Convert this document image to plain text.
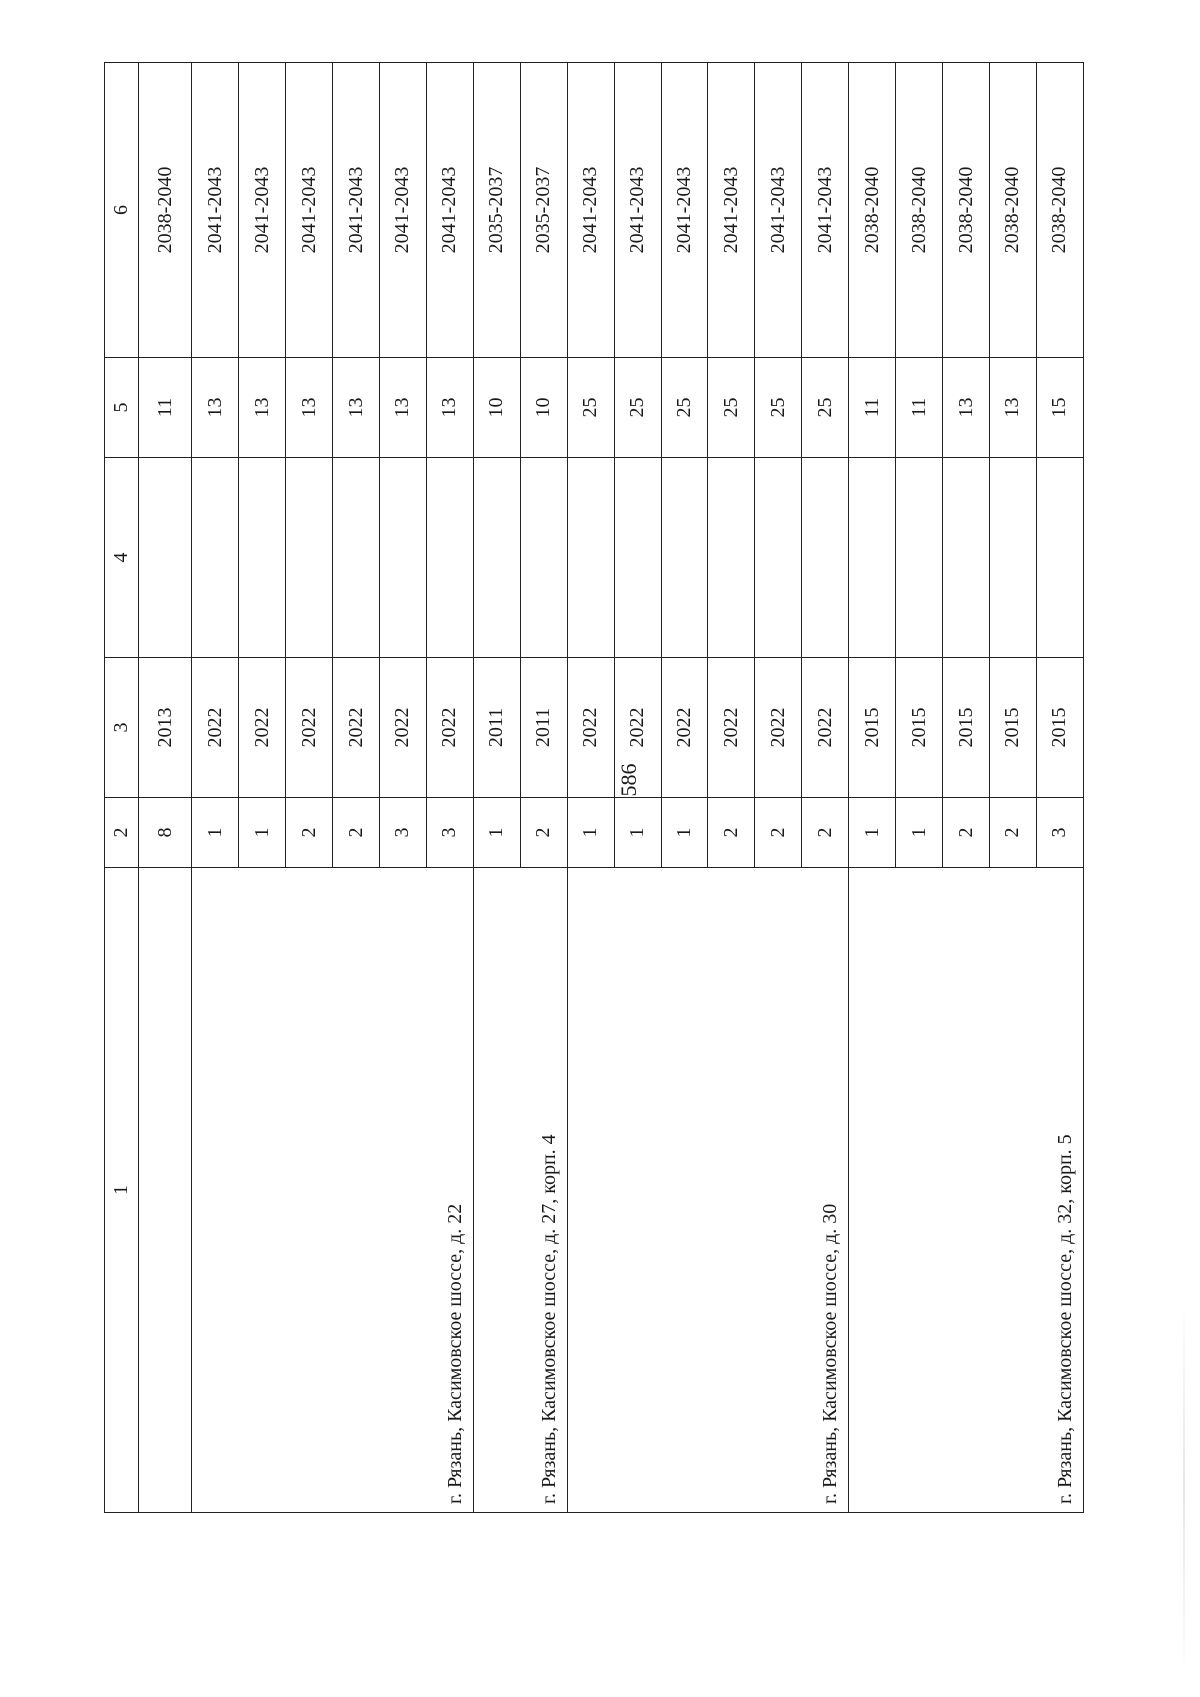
586
1	2	3	4	5	6
	8	2013		11	2038-2040
г. Рязань, Касимовское шоссе, д. 22	1	2022		13	2041-2043
	1	2022		13	2041-2043
	2	2022		13	2041-2043
	2	2022		13	2041-2043
	3	2022		13	2041-2043
	3	2022		13	2041-2043
г. Рязань, Касимовское шоссе, д. 27, корп. 4	1	2011		10	2035-2037
	2	2011		10	2035-2037
г. Рязань, Касимовское шоссе, д. 30	1	2022		25	2041-2043
	1	2022		25	2041-2043
	1	2022		25	2041-2043
	2	2022		25	2041-2043
	2	2022		25	2041-2043
	2	2022		25	2041-2043
г. Рязань, Касимовское шоссе, д. 32, корп. 5	1	2015		11	2038-2040
	1	2015		11	2038-2040
	2	2015		13	2038-2040
	2	2015		13	2038-2040
	3	2015		15	2038-2040
